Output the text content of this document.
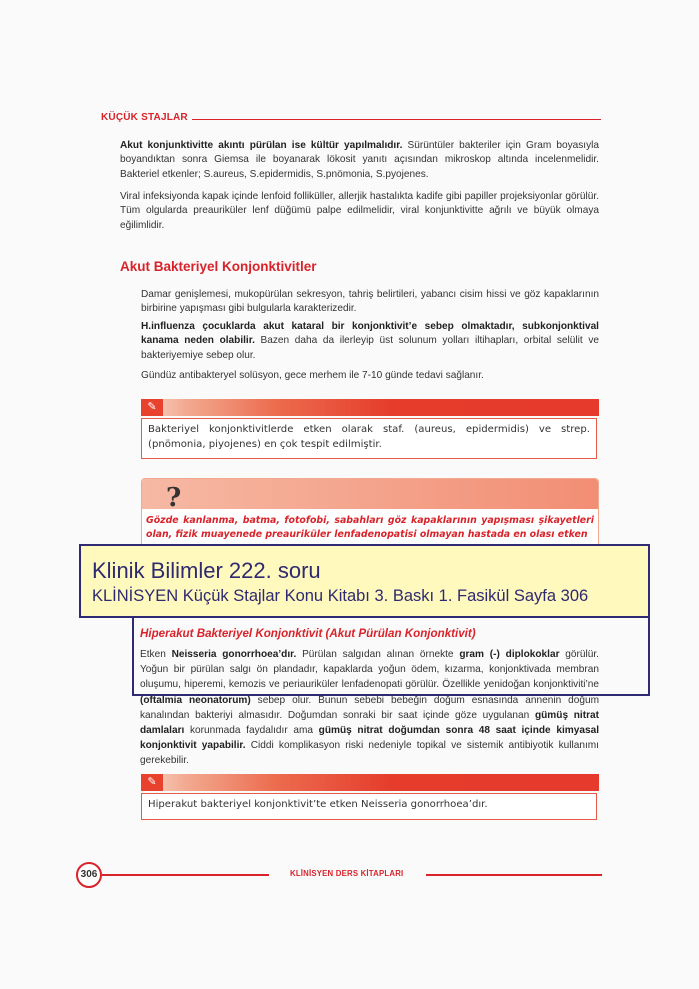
KÜÇÜK STAJLAR
Akut konjunktivitte akıntı pürülan ise kültür yapılmalıdır. Sürüntüler bakteriler için Gram boyasıyla boyandıktan sonra Giemsa ile boyanarak lökosit yanıtı açısından mikroskop altında incelenmelidir. Bakteriel etkenler; S.aureus, S.epidermidis, S.pnömonia, S.pyojenes.
Viral infeksiyonda kapak içinde lenfoid folliküller, allerjik hastalıkta kadife gibi papiller projeksiyonlar görülür. Tüm olgularda preauriküler lenf düğümü palpe edilmelidir, viral konjunktivitte ağrılı ve büyük olmaya eğilimlidir.
Akut Bakteriyel Konjonktivitler
Damar genişlemesi, mukopürülan sekresyon, tahriş belirtileri, yabancı cisim hissi ve göz kapaklarının birbirine yapışması gibi bulgularla karakterizedir.
H.influenza çocuklarda akut kataral bir konjonktivit’e sebep olmaktadır, subkonjonktival kanama neden olabilir. Bazen daha da ilerleyip üst solunum yolları iltihapları, orbital selülit ve bakteriyemiye sebep olur.
Gündüz antibakteryel solüsyon, gece merhem ile 7-10 günde tedavi sağlanır.
✎
Bakteriyel konjonktivitlerde etken olarak staf. (aureus, epidermidis) ve strep. (pnömonia, piyojenes) en çok tespit edilmiştir.
?
Gözde kanlanma, batma, fotofobi, sabahları göz kapaklarının yapışması şikayetleri olan, fizik muayenede preauriküler lenfadenopatisi olmayan hastada en olası etken
Hiperakut Bakteriyel Konjonktivit (Akut Pürülan Konjonktivit)
Etken Neisseria gonorrhoea’dır. Pürülan salgıdan alınan örnekte gram (-) diplokoklar görülür. Yoğun bir pürülan salgı ön plandadır, kapaklarda yoğun ödem, kızarma, konjonktivada membran oluşumu, hiperemi, kemozis ve periauriküler lenfadenopati görülür. Özellikle yenidoğan konjonktiviti’ne (oftalmia neonatorum) sebep olur. Bunun sebebi bebeğin doğum esnasında annenin doğum kanalından bakteriyi almasıdır. Doğumdan sonraki bir saat içinde göze uygulanan gümüş nitrat damlaları korunmada faydalıdır ama gümüş nitrat doğumdan sonra 48 saat içinde kimyasal konjonktivit yapabilir. Ciddi komplikasyon riski nedeniyle topikal ve sistemik antibiyotik kullanımı gerekebilir.
✎
Hiperakut bakteriyel konjonktivit’te etken Neisseria gonorrhoea’dır.
306	KLİNİSYEN DERS KİTAPLARI
Klinik Bilimler 222. soru
KLİNİSYEN Küçük Stajlar Konu Kitabı 3. Baskı 1. Fasikül Sayfa 306
